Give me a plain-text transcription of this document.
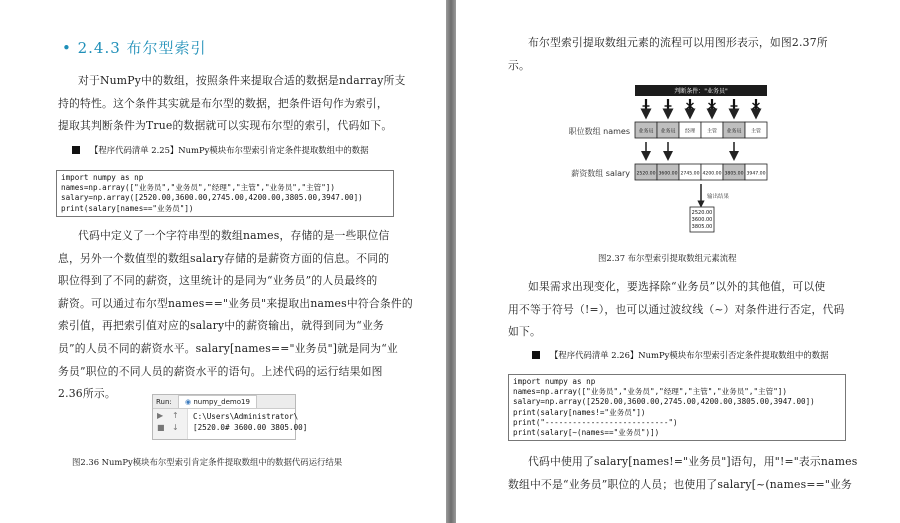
• 2.4.3 布尔型索引
对于NumPy中的数组，按照条件来提取合适的数据是ndarray所支
持的特性。这个条件其实就是布尔型的数据，把条件语句作为索引，
提取其判断条件为True的数据就可以实现布尔型的索引，代码如下。
【程序代码清单 2.25】NumPy模块布尔型索引肯定条件提取数组中的数据
import numpy as np
names=np.array(["业务员","业务员","经理","主管","业务员","主管"])
salary=np.array([2520.00,3600.00,2745.00,4200.00,3805.00,3947.00])
print(salary[names=="业务员"])
代码中定义了一个字符串型的数组names，存储的是一些职位信
息，另外一个数值型的数组salary存储的是薪资方面的信息。不同的
职位得到了不同的薪资，这里统计的是同为“业务员”的人员最终的
薪资。可以通过布尔型names=="业务员"来提取出names中符合条件的
索引值，再把索引值对应的salary中的薪资输出，就得到同为“业务
员”的人员不同的薪资水平。salary[names=="业务员"]就是同为“业
务员”职位的不同人员的薪资水平的语句。上述代码的运行结果如图
2.36所示。
Run: ◉ numpy_demo19
▶ ↑
■ ↓
C:\Users\Administrator\
[2520.0# 3600.00 3805.00]
图2.36 NumPy模块布尔型索引肯定条件提取数组中的数据代码运行结果
布尔型索引提取数组元素的流程可以用图形表示，如图2.37所
示。
判断条件："业务员"
职位数组 names 业务员 业务员 经理 主管 业务员 主管
薪资数组 salary 2520.00 3600.00 2745.00 4200.00 3805.00 3947.00
输出结果
2520.00
3600.00
3805.00
图2.37 布尔型索引提取数组元素流程
如果需求出现变化，要选择除“业务员”以外的其他值，可以使
用不等于符号（!=），也可以通过波纹线（~）对条件进行否定，代码
如下。
【程序代码清单 2.26】NumPy模块布尔型索引否定条件提取数组中的数据
import numpy as np
names=np.array(["业务员","业务员","经理","主管","业务员","主管"])
salary=np.array([2520.00,3600.00,2745.00,4200.00,3805.00,3947.00])
print(salary[names!="业务员"])
print("---------------------------")
print(salary[~(names=="业务员")])
代码中使用了salary[names!="业务员"]语句，用"!="表示names
数组中不是“业务员”职位的人员；也使用了salary[~(names=="业务
